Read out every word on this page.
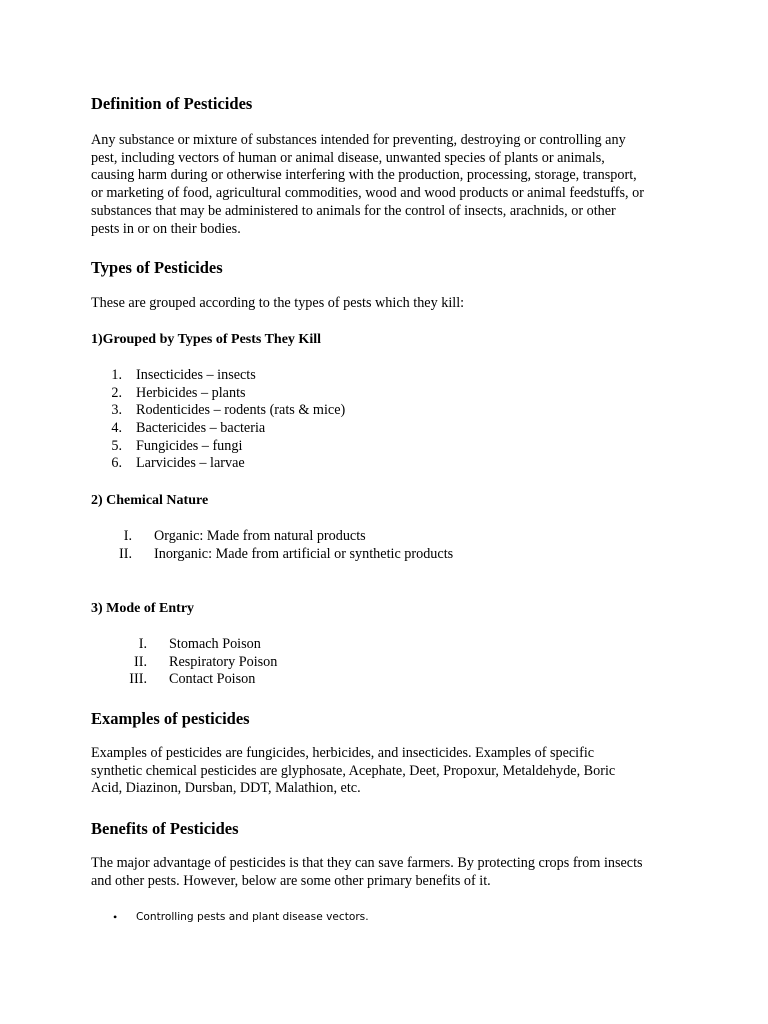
Definition of Pesticides
Any substance or mixture of substances intended for preventing, destroying or controlling any
pest, including vectors of human or animal disease, unwanted species of plants or animals,
causing harm during or otherwise interfering with the production, processing, storage, transport,
or marketing of food, agricultural commodities, wood and wood products or animal feedstuffs, or
substances that may be administered to animals for the control of insects, arachnids, or other
pests in or on their bodies.
Types of Pesticides

These are grouped according to the types of pests which they kill:

1)Grouped by Types of Pests They Kill
1. Insecticides – insects
2. Herbicides – plants
3. Rodenticides – rodents (rats & mice)
4. Bactericides – bacteria
5. Fungicides – fungi
6. Larvicides – larvae
2) Chemical Nature
I. Organic: Made from natural products
II. Inorganic: Made from artificial or synthetic products
3) Mode of Entry
I. Stomach Poison
II. Respiratory Poison
III. Contact Poison
Examples of pesticides
Examples of pesticides are fungicides, herbicides, and insecticides. Examples of specific
synthetic chemical pesticides are glyphosate, Acephate, Deet, Propoxur, Metaldehyde, Boric
Acid, Diazinon, Dursban, DDT, Malathion, etc.
Benefits of Pesticides
The major advantage of pesticides is that they can save farmers. By protecting crops from insects
and other pests. However, below are some other primary benefits of it.
• Controlling pests and plant disease vectors.
